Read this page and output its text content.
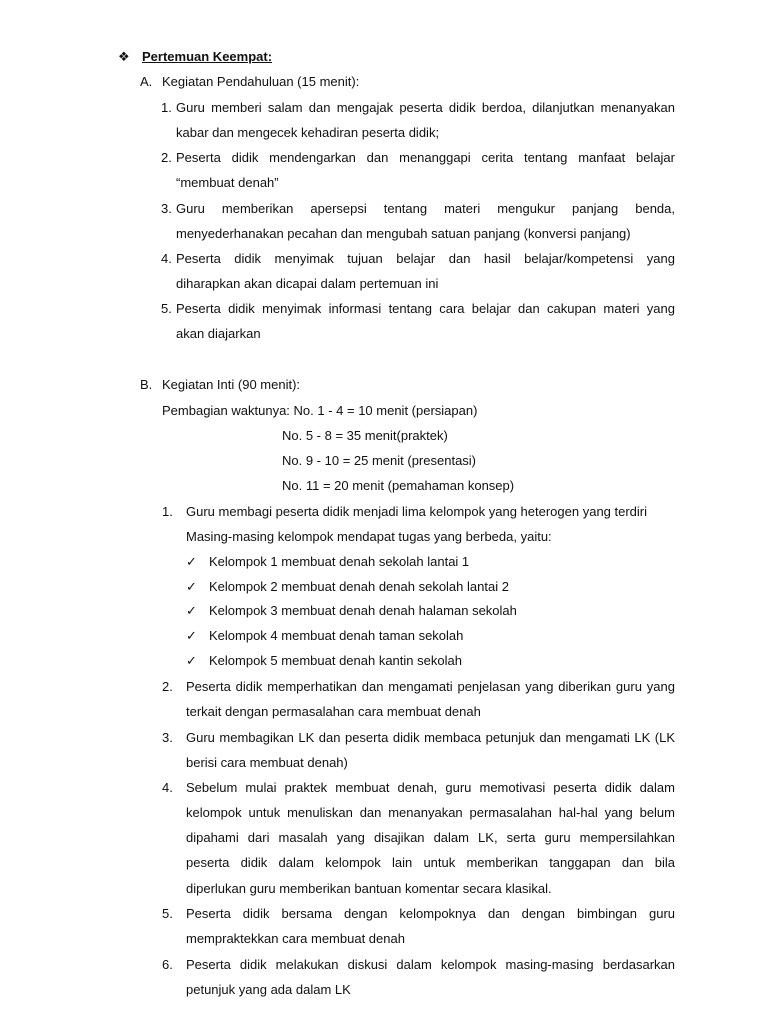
❖ Pertemuan Keempat:
A. Kegiatan Pendahuluan (15 menit):
1. Guru memberi salam dan mengajak peserta didik berdoa, dilanjutkan menanyakan
kabar dan mengecek kehadiran peserta didik;
2. Peserta didik mendengarkan dan menanggapi cerita tentang manfaat belajar
“membuat denah”
3. Guru memberikan apersepsi tentang materi mengukur panjang benda,
menyederhanakan pecahan dan mengubah satuan panjang (konversi panjang)
4. Peserta didik menyimak tujuan belajar dan hasil belajar/kompetensi yang
diharapkan akan dicapai dalam pertemuan ini
5. Peserta didik menyimak informasi tentang cara belajar dan cakupan materi yang
akan diajarkan
B. Kegiatan Inti (90 menit):
Pembagian waktunya: No. 1 - 4 = 10 menit (persiapan)
No. 5 - 8 = 35 menit(praktek)
No. 9 - 10 = 25 menit (presentasi)
No. 11 = 20 menit (pemahaman konsep)
1. Guru membagi peserta didik menjadi lima kelompok yang heterogen yang terdiri
Masing-masing kelompok mendapat tugas yang berbeda, yaitu:
✓ Kelompok 1 membuat denah sekolah lantai 1
✓ Kelompok 2 membuat denah denah sekolah lantai 2
✓ Kelompok 3 membuat denah denah halaman sekolah
✓ Kelompok 4 membuat denah taman sekolah
✓ Kelompok 5 membuat denah kantin sekolah
2. Peserta didik memperhatikan dan mengamati penjelasan yang diberikan guru yang
terkait dengan permasalahan cara membuat denah
3. Guru membagikan LK dan peserta didik membaca petunjuk dan mengamati LK (LK
berisi cara membuat denah)
4. Sebelum mulai praktek membuat denah, guru memotivasi peserta didik dalam
kelompok untuk menuliskan dan menanyakan permasalahan hal-hal yang belum
dipahami dari masalah yang disajikan dalam LK, serta guru mempersilahkan
peserta didik dalam kelompok lain untuk memberikan tanggapan dan bila
diperlukan guru memberikan bantuan komentar secara klasikal.
5. Peserta didik bersama dengan kelompoknya dan dengan bimbingan guru
mempraktekkan cara membuat denah
6. Peserta didik melakukan diskusi dalam kelompok masing-masing berdasarkan
petunjuk yang ada dalam LK
